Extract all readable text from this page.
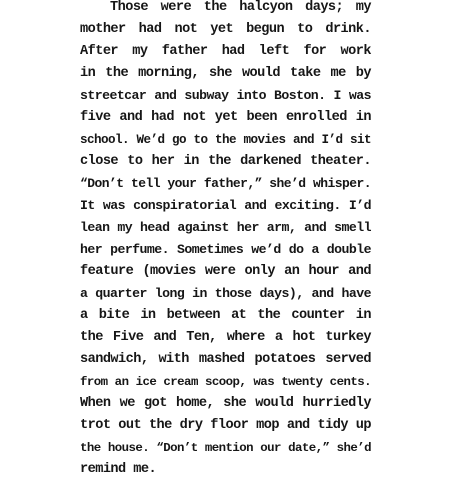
Those were the halcyon days; my
mother had not yet begun to drink.
After my father had left for work
in the morning, she would take me by
streetcar and subway into Boston. I was
five and had not yet been enrolled in
school. We’d go to the movies and I’d sit
close to her in the darkened theater.
“Don’t tell your father,” she’d whisper.
It was conspiratorial and exciting. I’d
lean my head against her arm, and smell
her perfume. Sometimes we’d do a double
feature (movies were only an hour and
a quarter long in those days), and have
a bite in between at the counter in
the Five and Ten, where a hot turkey
sandwich, with mashed potatoes served
from an ice cream scoop, was twenty cents.
When we got home, she would hurriedly
trot out the dry floor mop and tidy up
the house. “Don’t mention our date,” she’d
remind me.
